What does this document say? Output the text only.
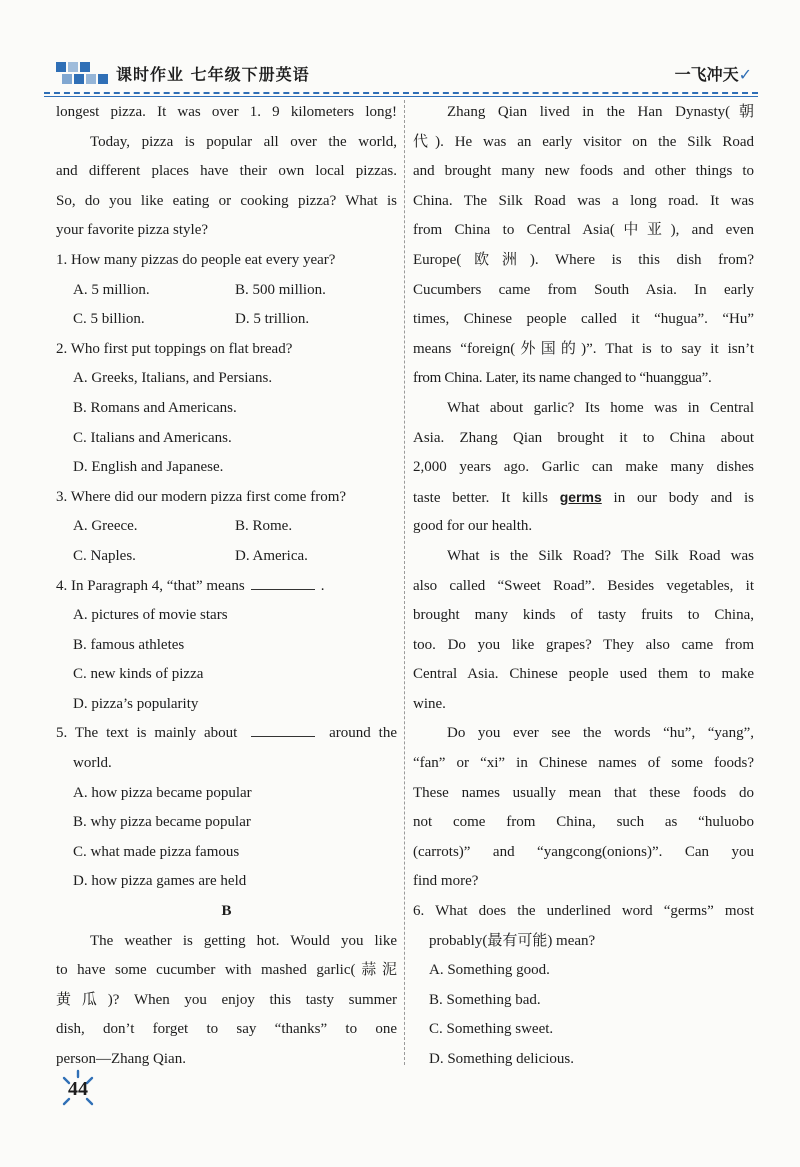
课时作业 七年级下册英语	一飞冲天✓
longest pizza. It was over 1. 9 kilometers long!
Today, pizza is popular all over the world,
and different places have their own local pizzas.
So, do you like eating or cooking pizza? What is
your favorite pizza style?
1. How many pizzas do people eat every year?
A. 5 million.	B. 500 million.
C. 5 billion.	D. 5 trillion.
2. Who first put toppings on flat bread?
A. Greeks, Italians, and Persians.
B. Romans and Americans.
C. Italians and Americans.
D. English and Japanese.
3. Where did our modern pizza first come from?
A. Greece.	B. Rome.
C. Naples.	D. America.
4. In Paragraph 4, “that” means	.
A. pictures of movie stars
B. famous athletes
C. new kinds of pizza
D. pizza’s popularity
5. The text is mainly about	around the
world.
A. how pizza became popular
B. why pizza became popular
C. what made pizza famous
D. how pizza games are held
B
The weather is getting hot. Would you like
to have some cucumber with mashed garlic(蒜泥
黄瓜)? When you enjoy this tasty summer
dish, don’t forget to say “thanks” to one
person—Zhang Qian.
Zhang Qian lived in the Han Dynasty(朝
代). He was an early visitor on the Silk Road
and brought many new foods and other things to
China. The Silk Road was a long road. It was
from China to Central Asia(中亚), and even
Europe(欧洲). Where is this dish from?
Cucumbers came from South Asia. In early
times, Chinese people called it “hugua”. “Hu”
means “foreign(外国的)”. That is to say it isn’t
from China. Later, its name changed to “huanggua”.
What about garlic? Its home was in Central
Asia. Zhang Qian brought it to China about
2,000 years ago. Garlic can make many dishes
taste better. It kills germs in our body and is
good for our health.
What is the Silk Road? The Silk Road was
also called “Sweet Road”. Besides vegetables, it
brought many kinds of tasty fruits to China,
too. Do you like grapes? They also came from
Central Asia. Chinese people used them to make
wine.
Do you ever see the words “hu”, “yang”,
“fan” or “xi” in Chinese names of some foods?
These names usually mean that these foods do
not come from China, such as “huluobo
(carrots)” and “yangcong(onions)”. Can you
find more?
6. What does the underlined word “germs” most
probably(最有可能) mean?
A. Something good.
B. Something bad.
C. Something sweet.
D. Something delicious.
44
